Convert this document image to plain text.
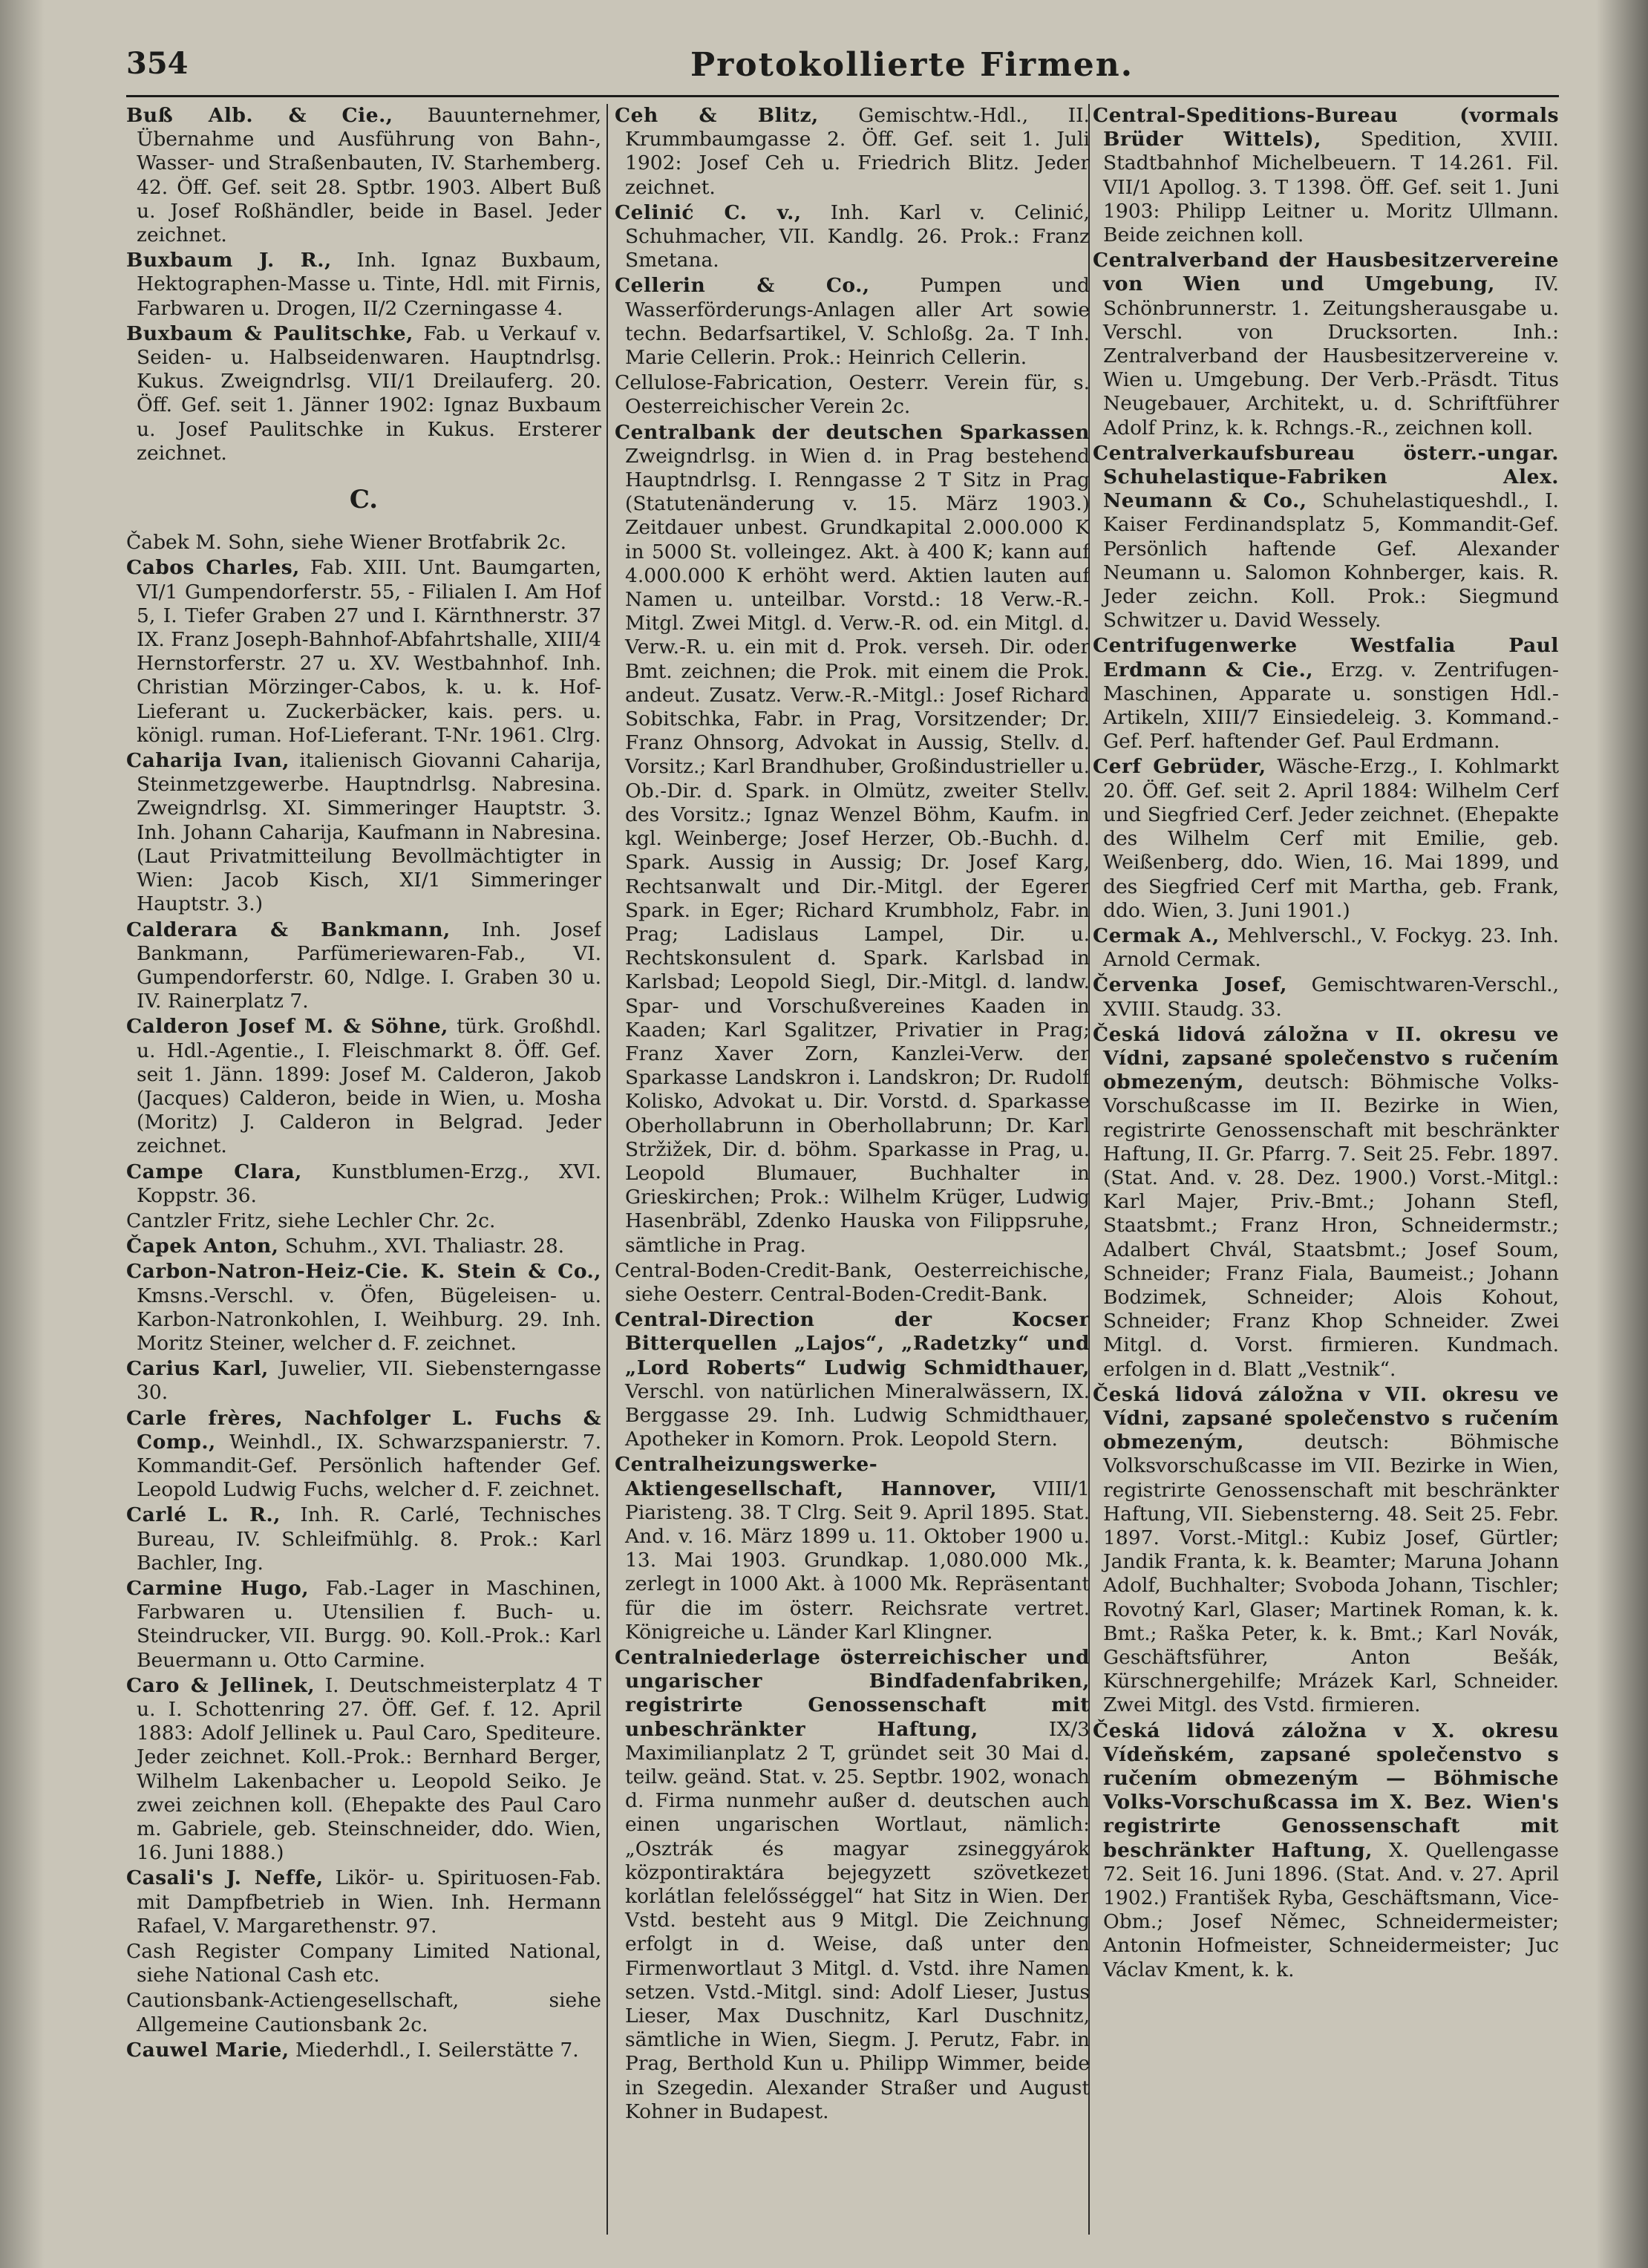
354	Protokollierte Firmen.
Buß Alb. & Cie., Bauunternehmer, Übernahme und Ausführung von Bahn-, Wasser- und Straßenbauten, IV. Starhemberg. 42. Öff. Gef. seit 28. Sptbr. 1903. Albert Buß u. Josef Roßhändler, beide in Basel. Jeder zeichnet.
Buxbaum J. R., Inh. Ignaz Buxbaum, Hektographen-Masse u. Tinte, Hdl. mit Firnis, Farbwaren u. Drogen, II/2 Czerningasse 4.
Buxbaum & Paulitschke, Fab. u Verkauf v. Seiden- u. Halbseidenwaren. Hauptndrlsg. Kukus. Zweigndrlsg. VII/1 Dreilauferg. 20. Öff. Gef. seit 1. Jänner 1902: Ignaz Buxbaum u. Josef Paulitschke in Kukus. Ersterer zeichnet.
C.
Čabek M. Sohn, siehe Wiener Brotfabrik 2c.
Cabos Charles, Fab. XIII. Unt. Baumgarten, VI/1 Gumpendorferstr. 55, - Filialen I. Am Hof 5, I. Tiefer Graben 27 und I. Kärnthnerstr. 37 IX. Franz Joseph-Bahnhof-Abfahrtshalle, XIII/4 Hernstorferstr. 27 u. XV. Westbahnhof. Inh. Christian Mörzinger-Cabos, k. u. k. Hof-Lieferant u. Zuckerbäcker, kais. pers. u. königl. ruman. Hof-Lieferant. T-Nr. 1961. Clrg.
Caharija Ivan, italienisch Giovanni Caharija, Steinmetzgewerbe. Hauptndrlsg. Nabresina. Zweigndrlsg. XI. Simmeringer Hauptstr. 3. Inh. Johann Caharija, Kaufmann in Nabresina. (Laut Privatmitteilung Bevollmächtigter in Wien: Jacob Kisch, XI/1 Simmeringer Hauptstr. 3.)
Calderara & Bankmann, Inh. Josef Bankmann, Parfümeriewaren-Fab., VI. Gumpendorferstr. 60, Ndlge. I. Graben 30 u. IV. Rainerplatz 7.
Calderon Josef M. & Söhne, türk. Großhdl. u. Hdl.-Agentie., I. Fleischmarkt 8. Öff. Gef. seit 1. Jänn. 1899: Josef M. Calderon, Jakob (Jacques) Calderon, beide in Wien, u. Mosha (Moritz) J. Calderon in Belgrad. Jeder zeichnet.
Campe Clara, Kunstblumen-Erzg., XVI. Koppstr. 36.
Cantzler Fritz, siehe Lechler Chr. 2c.
Čapek Anton, Schuhm., XVI. Thaliastr. 28.
Carbon-Natron-Heiz-Cie. K. Stein & Co., Kmsns.-Verschl. v. Öfen, Bügeleisen- u. Karbon-Natronkohlen, I. Weihburg. 29. Inh. Moritz Steiner, welcher d. F. zeichnet.
Carius Karl, Juwelier, VII. Siebensterngasse 30.
Carle frères, Nachfolger L. Fuchs & Comp., Weinhdl., IX. Schwarzspanierstr. 7. Kommandit-Gef. Persönlich haftender Gef. Leopold Ludwig Fuchs, welcher d. F. zeichnet.
Carlé L. R., Inh. R. Carlé, Technisches Bureau, IV. Schleifmühlg. 8. Prok.: Karl Bachler, Ing.
Carmine Hugo, Fab.-Lager in Maschinen, Farbwaren u. Utensilien f. Buch- u. Steindrucker, VII. Burgg. 90. Koll.-Prok.: Karl Beuermann u. Otto Carmine.
Caro & Jellinek, I. Deutschmeisterplatz 4 T u. I. Schottenring 27. Öff. Gef. f. 12. April 1883: Adolf Jellinek u. Paul Caro, Spediteure. Jeder zeichnet. Koll.-Prok.: Bernhard Berger, Wilhelm Lakenbacher u. Leopold Seiko. Je zwei zeichnen koll. (Ehepakte des Paul Caro m. Gabriele, geb. Steinschneider, ddo. Wien, 16. Juni 1888.)
Casali's J. Neffe, Likör- u. Spirituosen-Fab. mit Dampfbetrieb in Wien. Inh. Hermann Rafael, V. Margarethenstr. 97.
Cash Register Company Limited National, siehe National Cash etc.
Cautionsbank-Actiengesellschaft, siehe Allgemeine Cautionsbank 2c.
Cauwel Marie, Miederhdl., I. Seilerstätte 7.
Ceh & Blitz, Gemischtw.-Hdl., II. Krummbaumgasse 2. Öff. Gef. seit 1. Juli 1902: Josef Ceh u. Friedrich Blitz. Jeder zeichnet.
Celinić C. v., Inh. Karl v. Celinić, Schuhmacher, VII. Kandlg. 26. Prok.: Franz Smetana.
Cellerin & Co., Pumpen und Wasserförderungs-Anlagen aller Art sowie techn. Bedarfsartikel, V. Schloßg. 2a. T Inh. Marie Cellerin. Prok.: Heinrich Cellerin.
Cellulose-Fabrication, Oesterr. Verein für, s. Oesterreichischer Verein 2c.
Centralbank der deutschen Sparkassen Zweigndrlsg. in Wien d. in Prag bestehend Hauptndrlsg. I. Renngasse 2 T Sitz in Prag (Statutenänderung v. 15. März 1903.) Zeitdauer unbest. Grundkapital 2.000.000 K in 5000 St. volleingez. Akt. à 400 K; kann auf 4.000.000 K erhöht werd. Aktien lauten auf Namen u. unteilbar. Vorstd.: 18 Verw.-R.-Mitgl. Zwei Mitgl. d. Verw.-R. od. ein Mitgl. d. Verw.-R. u. ein mit d. Prok. verseh. Dir. oder Bmt. zeichnen; die Prok. mit einem die Prok. andeut. Zusatz. Verw.-R.-Mitgl.: Josef Richard Sobitschka, Fabr. in Prag, Vorsitzender; Dr. Franz Ohnsorg, Advokat in Aussig, Stellv. d. Vorsitz.; Karl Brandhuber, Großindustrieller u. Ob.-Dir. d. Spark. in Olmütz, zweiter Stellv. des Vorsitz.; Ignaz Wenzel Böhm, Kaufm. in kgl. Weinberge; Josef Herzer, Ob.-Buchh. d. Spark. Aussig in Aussig; Dr. Josef Karg, Rechtsanwalt und Dir.-Mitgl. der Egerer Spark. in Eger; Richard Krumbholz, Fabr. in Prag; Ladislaus Lampel, Dir. u. Rechtskonsulent d. Spark. Karlsbad in Karlsbad; Leopold Siegl, Dir.-Mitgl. d. landw. Spar- und Vorschußvereines Kaaden in Kaaden; Karl Sgalitzer, Privatier in Prag; Franz Xaver Zorn, Kanzlei-Verw. der Sparkasse Landskron i. Landskron; Dr. Rudolf Kolisko, Advokat u. Dir. Vorstd. d. Sparkasse Oberhollabrunn in Oberhollabrunn; Dr. Karl Stržižek, Dir. d. böhm. Sparkasse in Prag, u. Leopold Blumauer, Buchhalter in Grieskirchen; Prok.: Wilhelm Krüger, Ludwig Hasenbräbl, Zdenko Hauska von Filippsruhe, sämtliche in Prag.
Central-Boden-Credit-Bank, Oesterreichische, siehe Oesterr. Central-Boden-Credit-Bank.
Central-Direction der Kocser Bitterquellen „Lajos“, „Radetzky“ und „Lord Roberts“ Ludwig Schmidthauer, Verschl. von natürlichen Mineralwässern, IX. Berggasse 29. Inh. Ludwig Schmidthauer, Apotheker in Komorn. Prok. Leopold Stern.
Centralheizungswerke-Aktiengesellschaft, Hannover, VIII/1 Piaristeng. 38. T Clrg. Seit 9. April 1895. Stat. And. v. 16. März 1899 u. 11. Oktober 1900 u. 13. Mai 1903. Grundkap. 1,080.000 Mk., zerlegt in 1000 Akt. à 1000 Mk. Repräsentant für die im österr. Reichsrate vertret. Königreiche u. Länder Karl Klingner.
Centralniederlage österreichischer und ungarischer Bindfadenfabriken, registrirte Genossenschaft mit unbeschränkter Haftung, IX/3 Maximilianplatz 2 T, gründet seit 30 Mai d. teilw. geänd. Stat. v. 25. Septbr. 1902, wonach d. Firma nunmehr außer d. deutschen auch einen ungarischen Wortlaut, nämlich: „Osztrák és magyar zsineggyárok központiraktára bejegyzett szövetkezet korlátlan felelősséggel“ hat Sitz in Wien. Der Vstd. besteht aus 9 Mitgl. Die Zeichnung erfolgt in d. Weise, daß unter den Firmenwortlaut 3 Mitgl. d. Vstd. ihre Namen setzen. Vstd.-Mitgl. sind: Adolf Lieser, Justus Lieser, Max Duschnitz, Karl Duschnitz, sämtliche in Wien, Siegm. J. Perutz, Fabr. in Prag, Berthold Kun u. Philipp Wimmer, beide in Szegedin. Alexander Straßer und August Kohner in Budapest.
Central-Speditions-Bureau (vormals Brüder Wittels), Spedition, XVIII. Stadtbahnhof Michelbeuern. T 14.261. Fil. VII/1 Apollog. 3. T 1398. Öff. Gef. seit 1. Juni 1903: Philipp Leitner u. Moritz Ullmann. Beide zeichnen koll.
Centralverband der Hausbesitzervereine von Wien und Umgebung, IV. Schönbrunnerstr. 1. Zeitungsherausgabe u. Verschl. von Drucksorten. Inh.: Zentralverband der Hausbesitzervereine v. Wien u. Umgebung. Der Verb.-Präsdt. Titus Neugebauer, Architekt, u. d. Schriftführer Adolf Prinz, k. k. Rchngs.-R., zeichnen koll.
Centralverkaufsbureau österr.-ungar. Schuhelastique-Fabriken Alex. Neumann & Co., Schuhelastiqueshdl., I. Kaiser Ferdinandsplatz 5, Kommandit-Gef. Persönlich haftende Gef. Alexander Neumann u. Salomon Kohnberger, kais. R. Jeder zeichn. Koll. Prok.: Siegmund Schwitzer u. David Wessely.
Centrifugenwerke Westfalia Paul Erdmann & Cie., Erzg. v. Zentrifugen-Maschinen, Apparate u. sonstigen Hdl.-Artikeln, XIII/7 Einsiedeleig. 3. Kommand.-Gef. Perf. haftender Gef. Paul Erdmann.
Cerf Gebrüder, Wäsche-Erzg., I. Kohlmarkt 20. Öff. Gef. seit 2. April 1884: Wilhelm Cerf und Siegfried Cerf. Jeder zeichnet. (Ehepakte des Wilhelm Cerf mit Emilie, geb. Weißenberg, ddo. Wien, 16. Mai 1899, und des Siegfried Cerf mit Martha, geb. Frank, ddo. Wien, 3. Juni 1901.)
Cermak A., Mehlverschl., V. Fockyg. 23. Inh. Arnold Cermak.
Červenka Josef, Gemischtwaren-Verschl., XVIII. Staudg. 33.
Česká lidová záložna v II. okresu ve Vídni, zapsané společenstvo s ručením obmezeným, deutsch: Böhmische Volks-Vorschußcasse im II. Bezirke in Wien, registrirte Genossenschaft mit beschränkter Haftung, II. Gr. Pfarrg. 7. Seit 25. Febr. 1897. (Stat. And. v. 28. Dez. 1900.) Vorst.-Mitgl.: Karl Majer, Priv.-Bmt.; Johann Stefl, Staatsbmt.; Franz Hron, Schneidermstr.; Adalbert Chvál, Staatsbmt.; Josef Soum, Schneider; Franz Fiala, Baumeist.; Johann Bodzimek, Schneider; Alois Kohout, Schneider; Franz Khop Schneider. Zwei Mitgl. d. Vorst. firmieren. Kundmach. erfolgen in d. Blatt „Vestnik“.
Česká lidová záložna v VII. okresu ve Vídni, zapsané společenstvo s ručením obmezeným, deutsch: Böhmische Volksvorschußcasse im VII. Bezirke in Wien, registrirte Genossenschaft mit beschränkter Haftung, VII. Siebensterng. 48. Seit 25. Febr. 1897. Vorst.-Mitgl.: Kubiz Josef, Gürtler; Jandik Franta, k. k. Beamter; Maruna Johann Adolf, Buchhalter; Svoboda Johann, Tischler; Rovotný Karl, Glaser; Martinek Roman, k. k. Bmt.; Raška Peter, k. k. Bmt.; Karl Novák, Geschäftsführer, Anton Bešák, Kürschnergehilfe; Mrázek Karl, Schneider. Zwei Mitgl. des Vstd. firmieren.
Česká lidová záložna v X. okresu Vídeňském, zapsané společenstvo s ručením obmezeným — Böhmische Volks-Vorschußcassa im X. Bez. Wien's registrirte Genossenschaft mit beschränkter Haftung, X. Quellengasse 72. Seit 16. Juni 1896. (Stat. And. v. 27. April 1902.) František Ryba, Geschäftsmann, Vice-Obm.; Josef Němec, Schneidermeister; Antonin Hofmeister, Schneidermeister; Juc Václav Kment, k. k.
